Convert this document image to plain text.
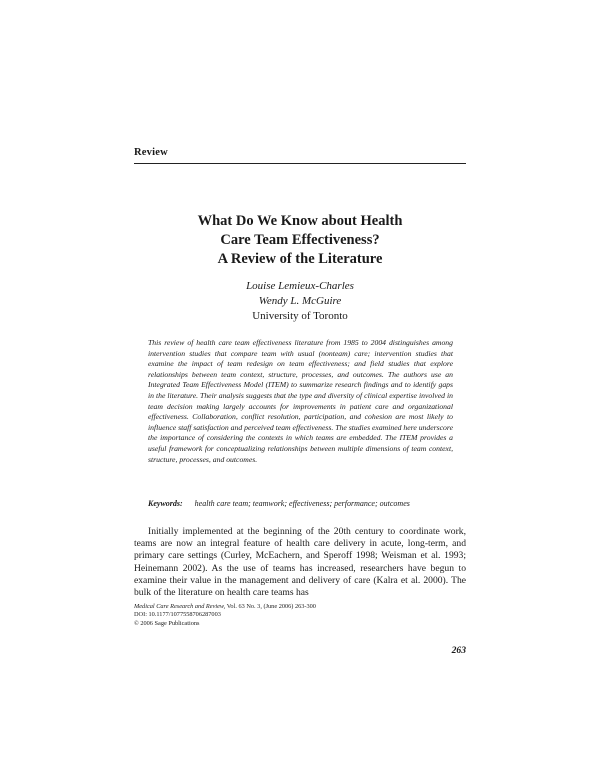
Review
What Do We Know about Health
Care Team Effectiveness?
A Review of the Literature
Louise Lemieux-Charles
Wendy L. McGuire
University of Toronto
This review of health care team effectiveness literature from 1985 to 2004 distinguishes among intervention studies that compare team with usual (nonteam) care; intervention studies that examine the impact of team redesign on team effectiveness; and field studies that explore relationships between team context, structure, processes, and outcomes. The authors use an Integrated Team Effectiveness Model (ITEM) to summarize research findings and to identify gaps in the literature. Their analysis suggests that the type and diversity of clinical expertise involved in team decision making largely accounts for improvements in patient care and organizational effectiveness. Collaboration, conflict resolution, participation, and cohesion are most likely to influence staff satisfaction and perceived team effectiveness. The studies examined here underscore the importance of considering the contexts in which teams are embedded. The ITEM provides a useful framework for conceptualizing relationships between multiple dimensions of team context, structure, processes, and outcomes.
Keywords: health care team; teamwork; effectiveness; performance; outcomes

Initially implemented at the beginning of the 20th century to coordinate work, teams are now an integral feature of health care delivery in acute, long-term, and primary care settings (Curley, McEachern, and Speroff 1998; Weisman et al. 1993; Heinemann 2002). As the use of teams has increased, researchers have begun to examine their value in the management and delivery of care (Kalra et al. 2000). The bulk of the literature on health care teams has

Medical Care Research and Review, Vol. 63 No. 3, (June 2006) 263-300
DOI: 10.1177/1077558706287003
© 2006 Sage Publications
263
